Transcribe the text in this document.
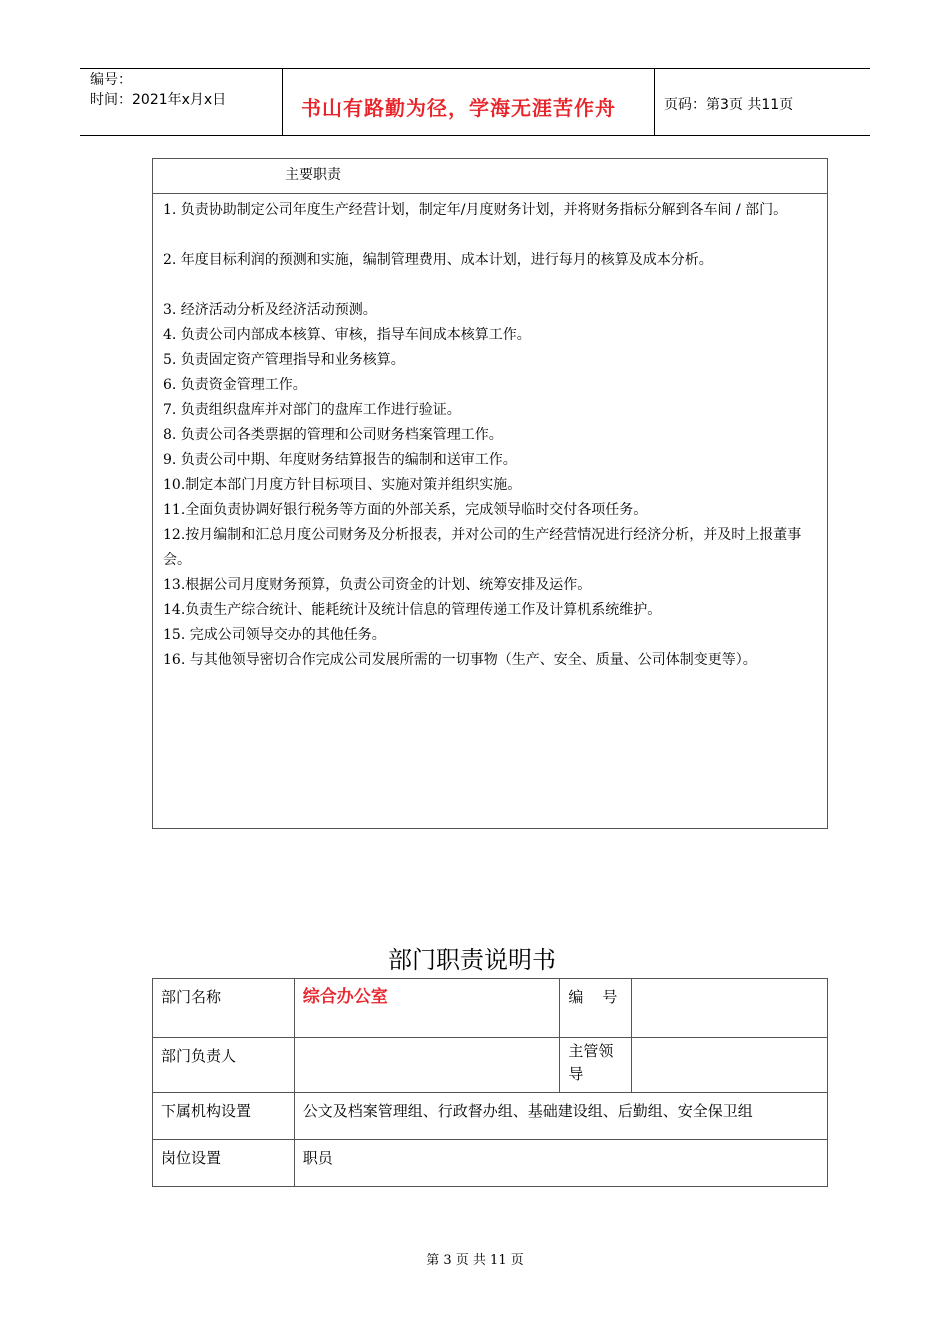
编号：
时间：2021年x月x日	书山有路勤为径，学海无涯苦作舟	页码：第3页 共11页
主要职责
1. 负责协助制定公司年度生产经营计划，制定年/月度财务计划，并将财务指标分解到各车间 / 部门。
2. 年度目标利润的预测和实施，编制管理费用、成本计划，进行每月的核算及成本分析。
3. 经济活动分析及经济活动预测。
4. 负责公司内部成本核算、审核，指导车间成本核算工作。
5. 负责固定资产管理指导和业务核算。
6. 负责资金管理工作。
7. 负责组织盘库并对部门的盘库工作进行验证。
8. 负责公司各类票据的管理和公司财务档案管理工作。
9. 负责公司中期、年度财务结算报告的编制和送审工作。
10.制定本部门月度方针目标项目、实施对策并组织实施。
11.全面负责协调好银行税务等方面的外部关系，完成领导临时交付各项任务。
12.按月编制和汇总月度公司财务及分析报表，并对公司的生产经营情况进行经济分析，并及时上报董事会。
13.根据公司月度财务预算，负责公司资金的计划、统筹安排及运作。
14.负责生产综合统计、能耗统计及统计信息的管理传递工作及计算机系统维护。
15. 完成公司领导交办的其他任务。
16. 与其他领导密切合作完成公司发展所需的一切事物（生产、安全、质量、公司体制变更等）。
部门职责说明书
部门名称	综合办公室	编    号	
部门负责人		主管领导	
下属机构设置	公文及档案管理组、行政督办组、基础建设组、后勤组、安全保卫组		
岗位设置	职员		
第 3 页 共 11 页
